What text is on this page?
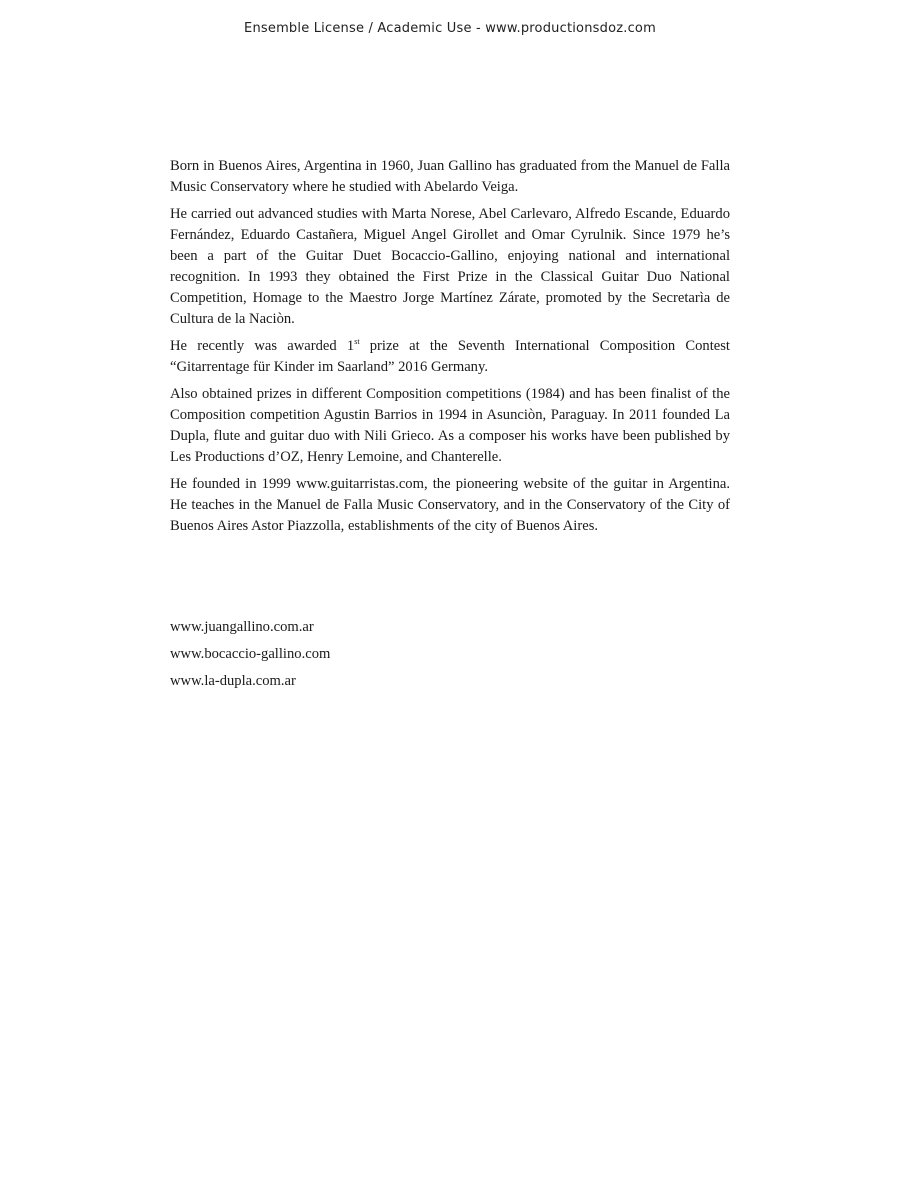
Ensemble License / Academic Use - www.productionsdoz.com

Born in Buenos Aires, Argentina in 1960, Juan Gallino has graduated from the Manuel de Falla Music Conservatory where he studied with Abelardo Veiga.

He carried out advanced studies with Marta Norese, Abel Carlevaro, Alfredo Escande, Eduardo Fernández, Eduardo Castañera, Miguel Angel Girollet and Omar Cyrulnik. Since 1979 he’s been a part of the Guitar Duet Bocaccio-Gallino, enjoying national and international recognition. In 1993 they obtained the First Prize in the Classical Guitar Duo National Competition, Homage to the Maestro Jorge Martínez Zárate, promoted by the Secretarìa de Cultura de la Naciòn.

He recently was awarded 1st prize at the Seventh International Composition Contest “Gitarrentage für Kinder im Saarland” 2016 Germany.

Also obtained prizes in different Composition competitions (1984) and has been finalist of the Composition competition Agustin Barrios in 1994 in Asunciòn, Paraguay. In 2011 founded La Dupla, flute and guitar duo with Nili Grieco. As a composer his works have been published by Les Productions d’OZ, Henry Lemoine, and Chanterelle.

He founded in 1999 www.guitarristas.com, the pioneering website of the guitar in Argentina. He teaches in the Manuel de Falla Music Conservatory, and in the Conservatory of the City of Buenos Aires Astor Piazzolla, establishments of the city of Buenos Aires.

www.juangallino.com.ar
www.bocaccio-gallino.com
www.la-dupla.com.ar
